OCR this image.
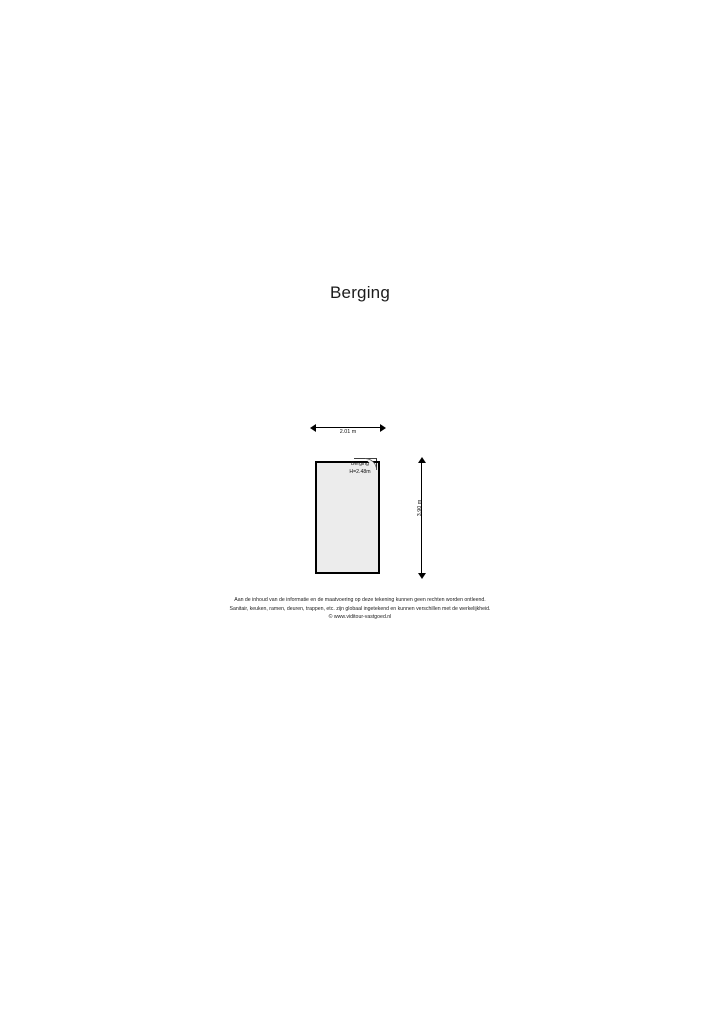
Berging
2.01 m
Berging
H=2.48m
3.90 m
Aan de inhoud van de informatie en de maatvoering op deze tekening kunnen geen rechten worden ontleend.
Sanitair, keuken, ramen, deuren, trappen, etc. zijn globaal ingetekend en kunnen verschillen met de werkelijkheid.
© www.viditour-vastgoed.nl
